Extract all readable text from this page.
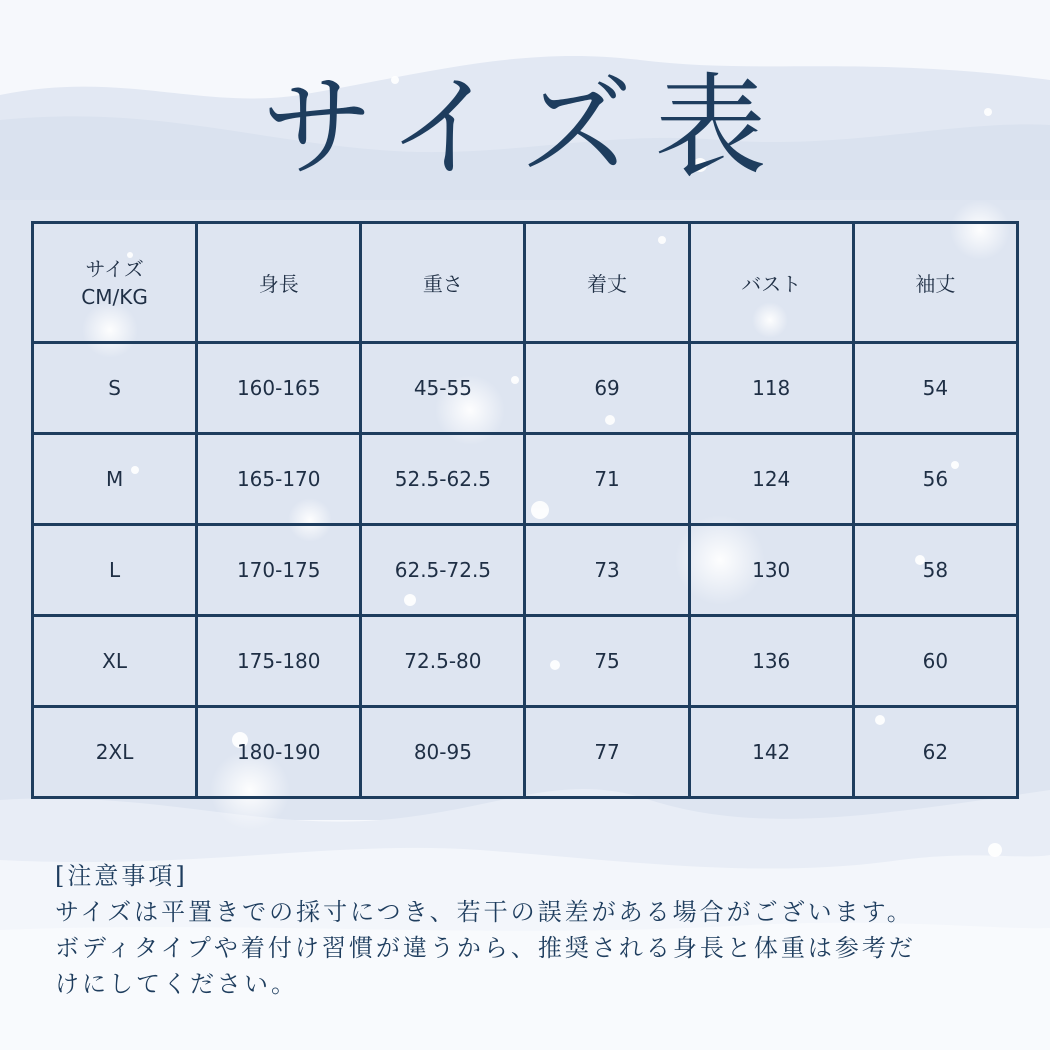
サイズ表
サイズ
CM/KG	身長	重さ	着丈	バスト	袖丈
S	160-165	45-55	69	118	54
M	165-170	52.5-62.5	71	124	56
L	170-175	62.5-72.5	73	130	58
XL	175-180	72.5-80	75	136	60
2XL	180-190	80-95	77	142	62
[注意事項]
サイズは平置きでの採寸につき、若干の誤差がある場合がございます。
ボディタイプや着付け習慣が違うから、推奨される身長と体重は参考だ
けにしてください。
